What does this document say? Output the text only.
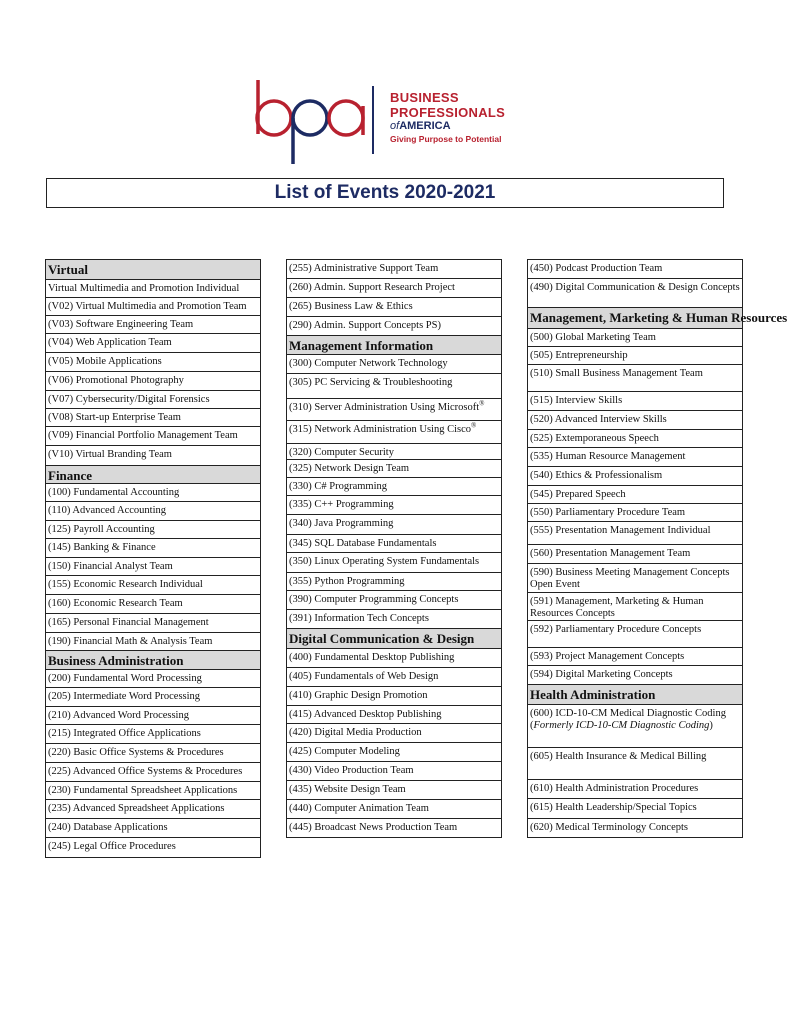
BUSINESS
PROFESSIONALS
ofAMERICA
Giving Purpose to Potential
List of Events 2020-2021
Virtual
Virtual Multimedia and Promotion Individual
(V02) Virtual Multimedia and Promotion Team
(V03) Software Engineering Team
(V04) Web Application Team
(V05) Mobile Applications
(V06) Promotional Photography
(V07) Cybersecurity/Digital Forensics
(V08) Start-up Enterprise Team
(V09) Financial Portfolio Management Team
(V10) Virtual Branding Team
Finance
(100) Fundamental Accounting
(110) Advanced Accounting
(125) Payroll Accounting
(145) Banking & Finance
(150) Financial Analyst Team
(155) Economic Research Individual
(160) Economic Research Team
(165) Personal Financial Management
(190) Financial Math & Analysis Team
Business Administration
(200) Fundamental Word Processing
(205) Intermediate Word Processing
(210) Advanced Word Processing
(215) Integrated Office Applications
(220) Basic Office Systems & Procedures
(225) Advanced Office Systems & Procedures
(230) Fundamental Spreadsheet Applications
(235) Advanced Spreadsheet Applications
(240) Database Applications
(245) Legal Office Procedures
(255) Administrative Support Team
(260) Admin. Support Research Project
(265) Business Law & Ethics
(290) Admin. Support Concepts PS)
Management Information
(300) Computer Network Technology
(305) PC Servicing & Troubleshooting
(310) Server Administration Using Microsoft®
(315) Network Administration Using Cisco®
(320) Computer Security
(325) Network Design Team
(330) C# Programming
(335) C++ Programming
(340) Java Programming
(345) SQL Database Fundamentals
(350) Linux Operating System Fundamentals
(355) Python Programming
(390) Computer Programming Concepts
(391) Information Tech Concepts
Digital Communication & Design
(400) Fundamental Desktop Publishing
(405) Fundamentals of Web Design
(410) Graphic Design Promotion
(415) Advanced Desktop Publishing
(420) Digital Media Production
(425) Computer Modeling
(430) Video Production Team
(435) Website Design Team
(440) Computer Animation Team
(445) Broadcast News Production Team
(450) Podcast Production Team
(490) Digital Communication & Design Concepts
Management, Marketing & Human Resources
(500) Global Marketing Team
(505) Entrepreneurship
(510) Small Business Management Team
(515) Interview Skills
(520) Advanced Interview Skills
(525) Extemporaneous Speech
(535) Human Resource Management
(540) Ethics & Professionalism
(545) Prepared Speech
(550) Parliamentary Procedure Team
(555) Presentation Management Individual
(560) Presentation Management Team
(590) Business Meeting Management Concepts Open Event
(591) Management, Marketing & Human Resources Concepts
(592) Parliamentary Procedure Concepts
(593) Project Management Concepts
(594) Digital Marketing Concepts
Health Administration
(600) ICD-10-CM Medical Diagnostic Coding (Formerly ICD-10-CM Diagnostic Coding)
(605) Health Insurance & Medical Billing
(610) Health Administration Procedures
(615) Health Leadership/Special Topics
(620) Medical Terminology Concepts
